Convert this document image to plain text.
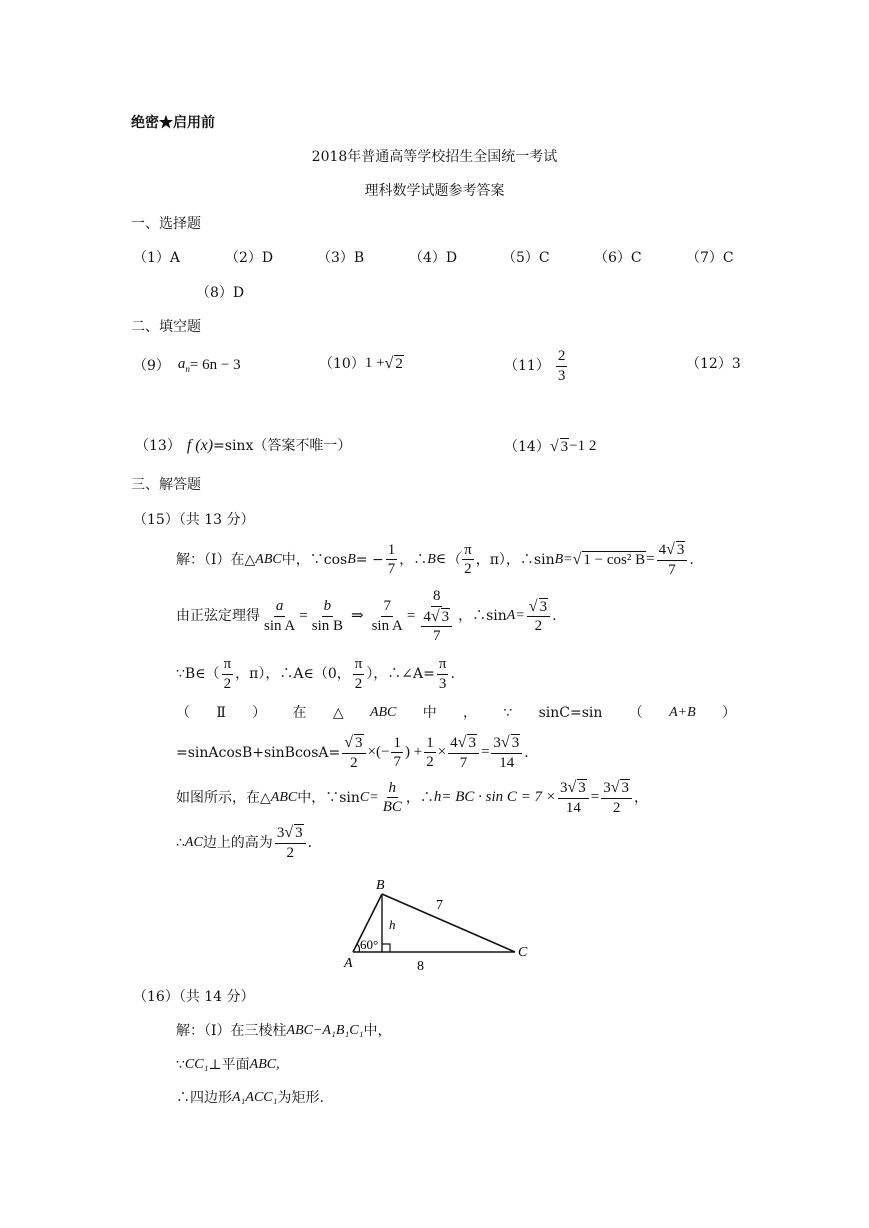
绝密★启用前
2018年普通高等学校招生全国统一考试
理科数学试题参考答案
一、选择题
（1）A	（2）D	（3）B	（4）D	（5）C	（6）C	（7）C
（8）D
二、填空题
（9） $a_n = 6n - 3$	（10） 1 + √ 2	$(11) \frac{2}{3}$	（12）3
（13） f (x) =sinx（答案不唯一）	（14） √ 3 −1 2
三、解答题
（15）（共 13 分）
解：（Ⅰ）在△ ABC 中，∵cos B = − $\frac{1}{7}$ ，∴ B∈（ $\frac{\pi}{2}$ ，π），∴sin B= √ 1 − cos² $B = \frac{4√ 3}{7}$ .
由正弦定理得 $\frac{a}{\text{sin A}} = \frac{b}{\text{sin B}}$ ⇒ $\frac{7}{\text{sin A}} = \frac{8}{\frac{4√ 3}{7}}$ ，∴sin $A= \frac{√ 3}{2}$ .
∵B∈（ $\frac{\pi}{2}$ ，π），∴A∈（0， $\frac{\pi}{2}$ ），∴∠A= $\frac{\pi}{3}$ .
（ Ⅱ ） 在 △ ABC 中 ， ∵ sinC=sin （ A+B ）
=sinAcosB+sinBcosA= $\frac{√ 3}{2}$ ×(− $\frac{1}{7}$ ) + $\frac{1}{2} \times \frac{4√ 3}{7} = \frac{3√ 3}{14}$ .
如图所示，在△ ABC 中，∵sin $C= \frac{h}{BC}$ ，∴ h= BC · $\sin C = 7 \times \frac{3√ 3}{14} = \frac{3√ 3}{2}$ ，
∴ AC 边上的高为 $\frac{3√ 3}{2}$ .
B
A
C
h
7
8
60°
（16）（共 14 分）
解：（Ⅰ）在三棱柱 ABC−A₁B₁C₁ 中，
∵ CC₁ ⊥平面 ABC,
∴四边形 A₁ACC₁ 为矩形.
